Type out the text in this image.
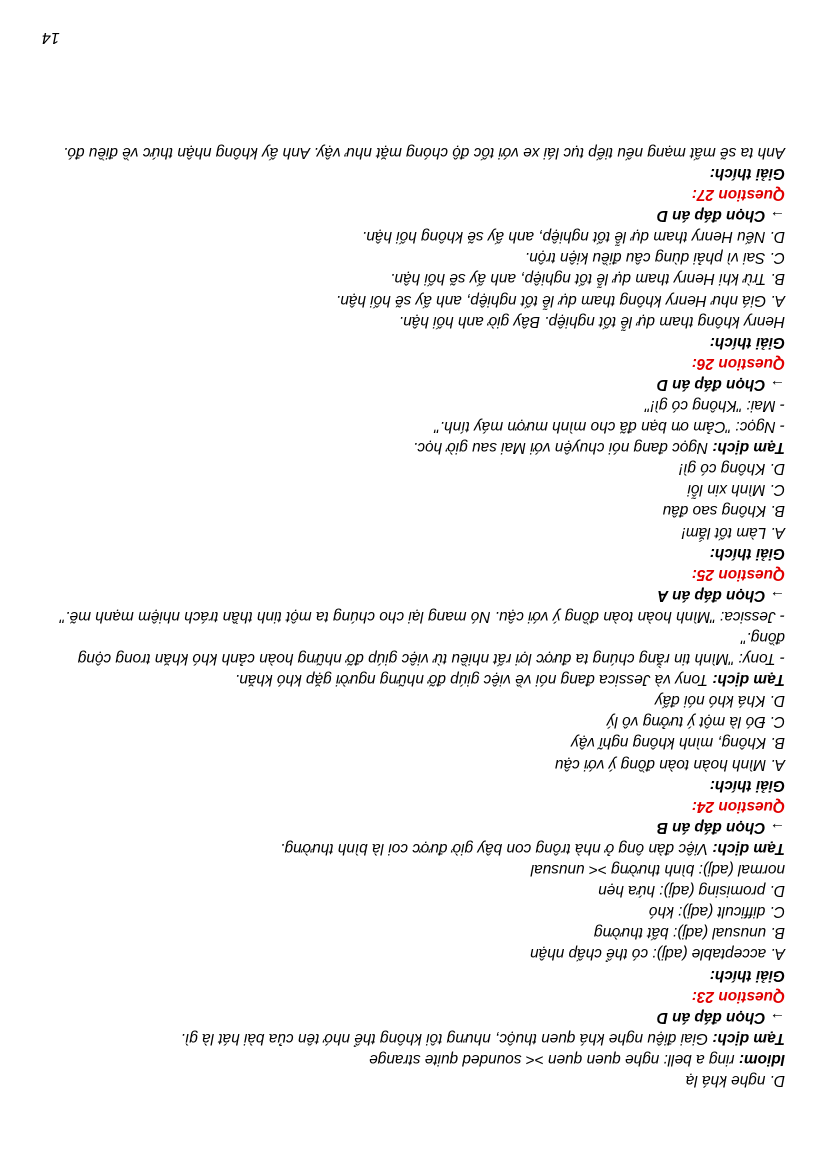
D. nghe khá lạ

Idiom: ring a bell: nghe quen quen >< sounded quite strange

Tạm dịch: Giai điệu nghe khá quen thuộc, nhưng tôi không thể nhớ tên của bài hát là gì.

→ Chọn đáp án D

Question 23:

Giải thích:

A. acceptable (adj): có thể chấp nhận

B. unusual (adj): bất thường

C. difficult (adj): khó

D. promising (adj): hứa hẹn

normal (adj): bình thường >< unusual

Tạm dịch: Việc đàn ông ở nhà trông con bây giờ được coi là bình thường.

→ Chọn đáp án B

Question 24:

Giải thích:

A. Mình hoàn toàn đồng ý với cậu

B. Không, mình không nghĩ vậy

C. Đó là một ý tưởng vô lý

D. Khá khó nói đấy

Tạm dịch: Tony và Jessica đang nói về việc giúp đỡ những người gặp khó khăn.

- Tony: "Mình tin rằng chúng ta được lợi rất nhiều từ việc giúp đỡ những hoàn cảnh khó khăn trong cộng đồng."

- Jessica: "Mình hoàn toàn đồng ý với cậu. Nó mang lại cho chúng ta một tinh thần trách nhiệm mạnh mẽ."

→ Chọn đáp án A

Question 25:

Giải thích:

A. Làm tốt lắm!

B. Không sao đâu

C. Mình xin lỗi

D. Không có gì!

Tạm dịch: Ngọc đang nói chuyện với Mai sau giờ học.

- Ngọc: "Cảm ơn bạn đã cho mình mượn máy tính."

- Mai: "Không có gì!"

→ Chọn đáp án D

Question 26:

Giải thích:

Henry không tham dự lễ tốt nghiệp. Bây giờ anh hối hận.

A. Giá như Henry không tham dự lễ tốt nghiệp, anh ấy sẽ hối hận.

B. Trừ khi Henry tham dự lễ tốt nghiệp, anh ấy sẽ hối hận.

C. Sai vì phải dùng câu điều kiện trộn.

D. Nếu Henry tham dự lễ tốt nghiệp, anh ấy sẽ không hối hận.

→ Chọn đáp án D

Question 27:

Giải thích:

Anh ta sẽ mất mạng nếu tiếp tục lái xe với tốc độ chóng mặt như vậy. Anh ấy không nhận thức về điều đó.

14
